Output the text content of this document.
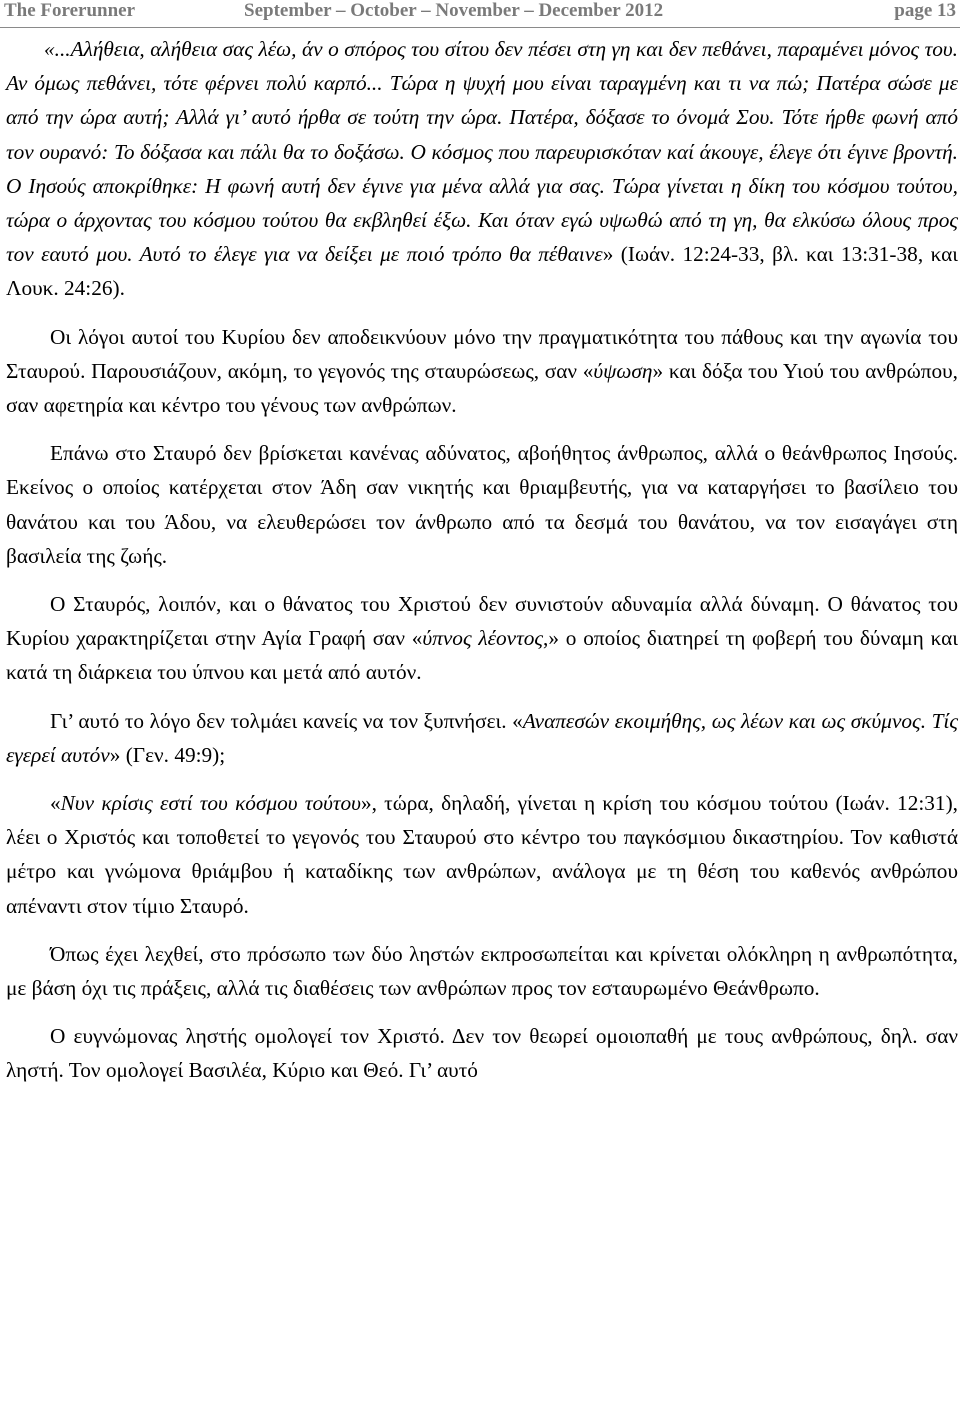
The Forerunner	September – October – November – December 2012	page 13

«...Αλήθεια, αλήθεια σας λέω, άν ο σπόρος του σίτου δεν πέσει στη γη και δεν πεθάνει, παραμένει μόνος του. Αν όμως πεθάνει, τότε φέρνει πολύ καρπό... Τώρα η ψυχή μου είναι ταραγμένη και τι να πώ; Πατέρα σώσε με από την ώρα αυτή; Αλλά γι’ αυτό ήρθα σε τούτη την ώρα. Πατέρα, δόξασε το όνομά Σου. Τότε ήρθε φωνή από τον ουρανό: Το δόξασα και πάλι θα το δοξάσω. Ο κόσμος που παρευρισκόταν καί άκουγε, έλεγε ότι έγινε βροντή. Ο Ιησούς αποκρίθηκε: Η φωνή αυτή δεν έγινε για μένα αλλά για σας. Τώρα γίνεται η δίκη του κόσμου τούτου, τώρα ο άρχοντας του κόσμου τούτου θα εκβληθεί έξω. Και όταν εγώ υψωθώ από τη γη, θα ελκύσω όλους προς τον εαυτό μου. Αυτό το έλεγε για να δείξει με ποιό τρόπο θα πέθαινε» (Ιωάν. 12:24-33, βλ. και 13:31-38, και Λουκ. 24:26).

Οι λόγοι αυτοί του Κυρίου δεν αποδεικνύουν μόνο την πραγματικότητα του πάθους και την αγωνία του Σταυρού. Παρουσιάζουν, ακόμη, το γεγονός της σταυρώσεως, σαν «ύψωση» και δόξα του Υιού του ανθρώπου, σαν αφετηρία και κέντρο του γένους των ανθρώπων.

Επάνω στο Σταυρό δεν βρίσκεται κανένας αδύνατος, αβοήθητος άνθρωπος, αλλά ο θεάνθρωπος Ιησούς. Εκείνος ο οποίος κατέρχεται στον Άδη σαν νικητής και θριαμβευτής, για να καταργήσει το βασίλειο του θανάτου και του Άδου, να ελευθερώσει τον άνθρωπο από τα δεσμά του θανάτου, να τον εισαγάγει στη βασιλεία της ζωής.

Ο Σταυρός, λοιπόν, και ο θάνατος του Χριστού δεν συνιστούν αδυναμία αλλά δύναμη. Ο θάνατος του Κυρίου χαρακτηρίζεται στην Αγία Γραφή σαν «ύπνος λέοντος,» ο οποίος διατηρεί τη φοβερή του δύναμη και κατά τη διάρκεια του ύπνου και μετά από αυτόν.

Γι’ αυτό το λόγο δεν τολμάει κανείς να τον ξυπνήσει. «Αναπεσών εκοιμήθης, ως λέων και ως σκύμνος. Τίς εγερεί αυτόν» (Γεν. 49:9);

«Νυν κρίσις εστί του κόσμου τούτου», τώρα, δηλαδή, γίνεται η κρίση του κόσμου τούτου (Ιωάν. 12:31), λέει ο Χριστός και τοποθετεί το γεγονός του Σταυρού στο κέντρο του παγκόσμιου δικαστηρίου. Τον καθιστά μέτρο και γνώμονα θριάμβου ή καταδίκης των ανθρώπων, ανάλογα με τη θέση του καθενός ανθρώπου απέναντι στον τίμιο Σταυρό.

Όπως έχει λεχθεί, στο πρόσωπο των δύο ληστών εκπροσωπείται και κρίνεται ολόκληρη η ανθρωπότητα, με βάση όχι τις πράξεις, αλλά τις διαθέσεις των ανθρώπων προς τον εσταυρωμένο Θεάνθρωπο.

Ο ευγνώμονας ληστής ομολογεί τον Χριστό. Δεν τον θεωρεί ομοιοπαθή με τους ανθρώπους, δηλ. σαν ληστή. Τον ομολογεί Βασιλέα, Κύριο και Θεό. Γι’ αυτό
